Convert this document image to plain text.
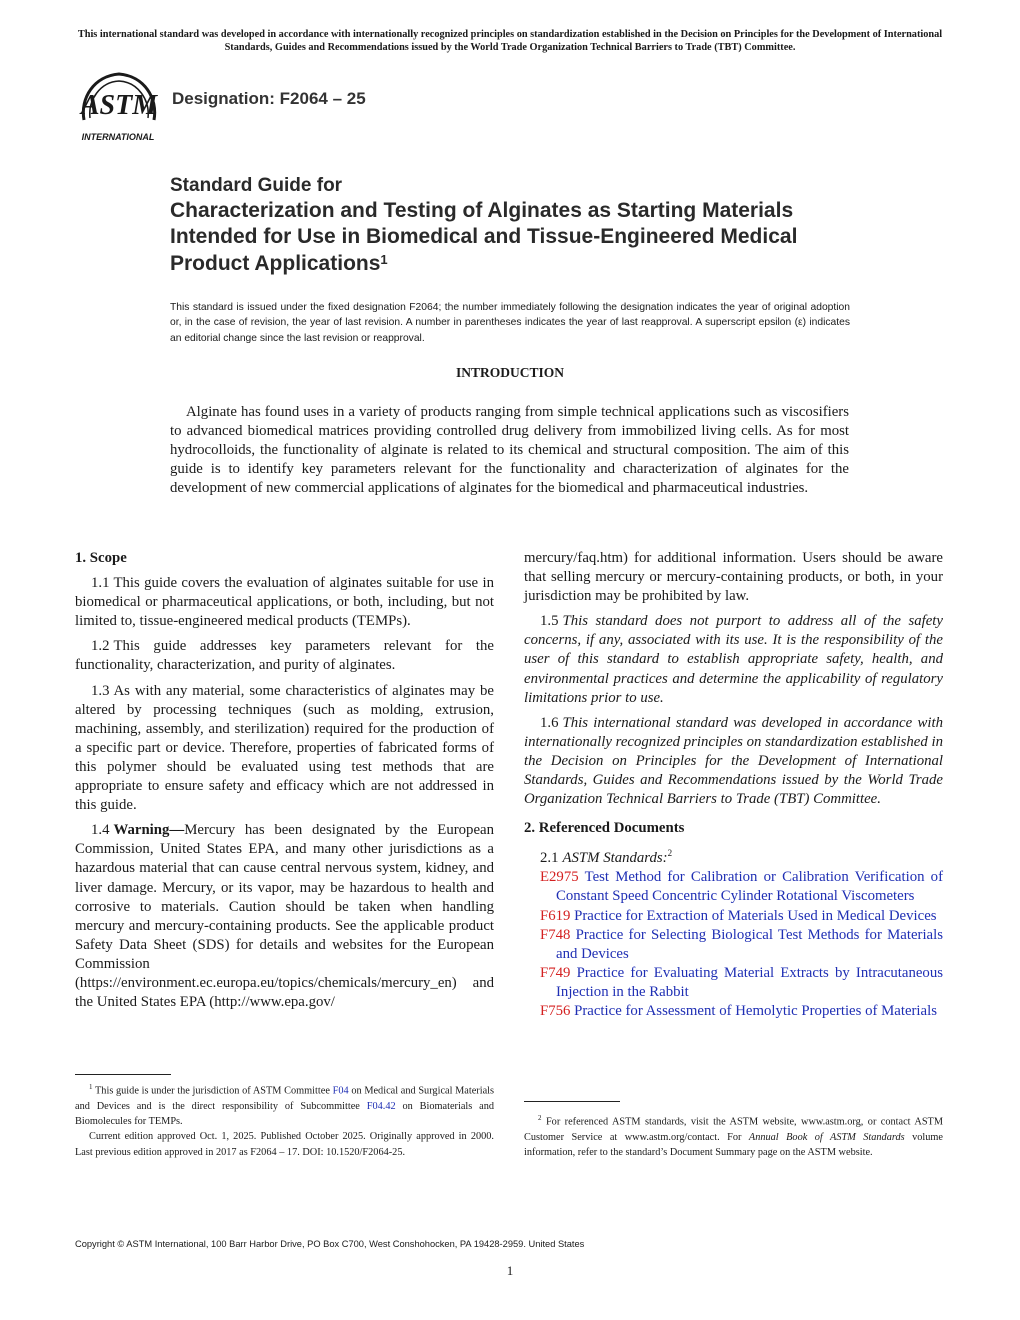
This international standard was developed in accordance with internationally recognized principles on standardization established in the Decision on Principles for the Development of International Standards, Guides and Recommendations issued by the World Trade Organization Technical Barriers to Trade (TBT) Committee.
ASTM
INTERNATIONAL
Designation: F2064 – 25
Standard Guide for
Characterization and Testing of Alginates as Starting Materials Intended for Use in Biomedical and Tissue-Engineered Medical Product Applications$^1$
This standard is issued under the fixed designation F2064; the number immediately following the designation indicates the year of original adoption or, in the case of revision, the year of last revision. A number in parentheses indicates the year of last reapproval. A superscript epsilon (ε) indicates an editorial change since the last revision or reapproval.
INTRODUCTION

Alginate has found uses in a variety of products ranging from simple technical applications such as viscosifiers to advanced biomedical matrices providing controlled drug delivery from immobilized living cells. As for most hydrocolloids, the functionality of alginate is related to its chemical and structural composition. The aim of this guide is to identify key parameters relevant for the functionality and characterization of alginates for the development of new commercial applications of alginates for the biomedical and pharmaceutical industries.

1. Scope

1.1 This guide covers the evaluation of alginates suitable for use in biomedical or pharmaceutical applications, or both, including, but not limited to, tissue-engineered medical products (TEMPs).

1.2 This guide addresses key parameters relevant for the functionality, characterization, and purity of alginates.

1.3 As with any material, some characteristics of alginates may be altered by processing techniques (such as molding, extrusion, machining, assembly, and sterilization) required for the production of a specific part or device. Therefore, properties of fabricated forms of this polymer should be evaluated using test methods that are appropriate to ensure safety and efficacy which are not addressed in this guide.

1.4 Warning—Mercury has been designated by the European Commission, United States EPA, and many other jurisdictions as a hazardous material that can cause central nervous system, kidney, and liver damage. Mercury, or its vapor, may be hazardous to health and corrosive to materials. Caution should be taken when handling mercury and mercury-containing products. See the applicable product Safety Data Sheet (SDS) for details and websites for the European Commission (https://environment.ec.europa.eu/topics/chemicals/mercury_en) and the United States EPA (http://www.epa.gov/

mercury/faq.htm) for additional information. Users should be aware that selling mercury or mercury-containing products, or both, in your jurisdiction may be prohibited by law.

1.5 This standard does not purport to address all of the safety concerns, if any, associated with its use. It is the responsibility of the user of this standard to establish appropriate safety, health, and environmental practices and determine the applicability of regulatory limitations prior to use.

1.6 This international standard was developed in accordance with internationally recognized principles on standardization established in the Decision on Principles for the Development of International Standards, Guides and Recommendations issued by the World Trade Organization Technical Barriers to Trade (TBT) Committee.

2. Referenced Documents

2.1 ASTM Standards:$^2$

E2975 Test Method for Calibration or Calibration Verification of Constant Speed Concentric Cylinder Rotational Viscometers
F619 Practice for Extraction of Materials Used in Medical Devices
F748 Practice for Selecting Biological Test Methods for Materials and Devices
F749 Practice for Evaluating Material Extracts by Intracutaneous Injection in the Rabbit
F756 Practice for Assessment of Hemolytic Properties of Materials

$^1$ This guide is under the jurisdiction of ASTM Committee F04 on Medical and Surgical Materials and Devices and is the direct responsibility of Subcommittee F04.42 on Biomaterials and Biomolecules for TEMPs.

Current edition approved Oct. 1, 2025. Published October 2025. Originally approved in 2000. Last previous edition approved in 2017 as F2064 – 17. DOI: 10.1520/F2064-25.

$^2$ For referenced ASTM standards, visit the ASTM website, www.astm.org, or contact ASTM Customer Service at www.astm.org/contact. For Annual Book of ASTM Standards volume information, refer to the standard’s Document Summary page on the ASTM website.

Copyright © ASTM International, 100 Barr Harbor Drive, PO Box C700, West Conshohocken, PA 19428-2959. United States
1
